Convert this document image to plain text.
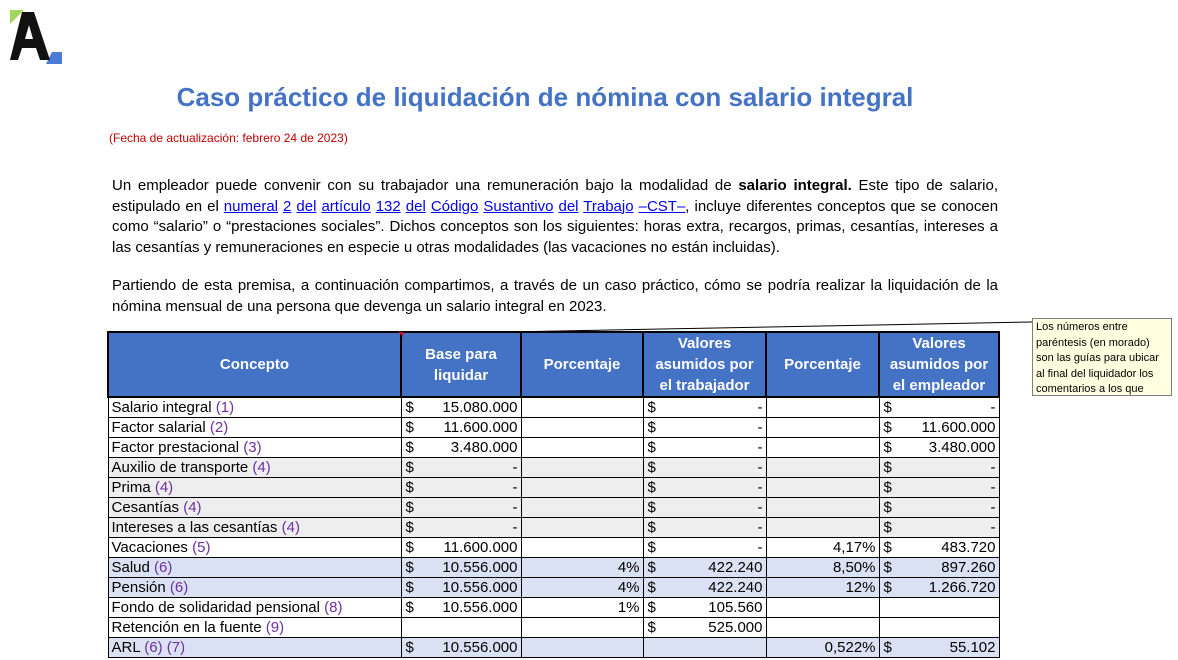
Caso práctico de liquidación de nómina con salario integral
(Fecha de actualización: febrero 24 de 2023)
Un empleador puede convenir con su trabajador una remuneración bajo la modalidad de salario integral. Este tipo de salario, estipulado en el numeral 2 del artículo 132 del Código Sustantivo del Trabajo –CST–, incluye diferentes conceptos que se conocen como “salario” o “prestaciones sociales”. Dichos conceptos son los siguientes: horas extra, recargos, primas, cesantías, intereses a las cesantías y remuneraciones en especie u otras modalidades (las vacaciones no están incluidas).
Partiendo de esta premisa, a continuación compartimos, a través de un caso práctico, cómo se podría realizar la liquidación de la nómina mensual de una persona que devenga un salario integral en 2023.
Concepto	Base para liquidar	Porcentaje	Valores asumidos por el trabajador	Porcentaje	Valores asumidos por el empleador
Salario integral (1)	$ 15.080.000		$ -		$ -

Factor salarial (2)	$ 11.600.000		$ -		$ 11.600.000

Factor prestacional (3)	$ 3.480.000		$ -		$ 3.480.000

Auxilio de transporte (4)	$ -		$ -		$ -

Prima (4)	$ -		$ -		$ -

Cesantías (4)	$ -		$ -		$ -

Intereses a las cesantías (4)	$ -		$ -		$ -

Vacaciones (5)	$ 11.600.000		$ -	4,17%	$ 483.720

Salud (6)	$ 10.556.000	4%	$ 422.240	8,50%	$ 897.260

Pensión (6)	$ 10.556.000	4%	$ 422.240	12%	$ 1.266.720

Fondo de solidaridad pensional (8)	$ 10.556.000	1%	$ 105.560		

Retención en la fuente (9)			$ 525.000		

ARL (6) (7)	$ 10.556.000			0,522%	$ 55.102
Los números entre paréntesis (en morado) son las guías para ubicar al final del liquidador los comentarios a los que
